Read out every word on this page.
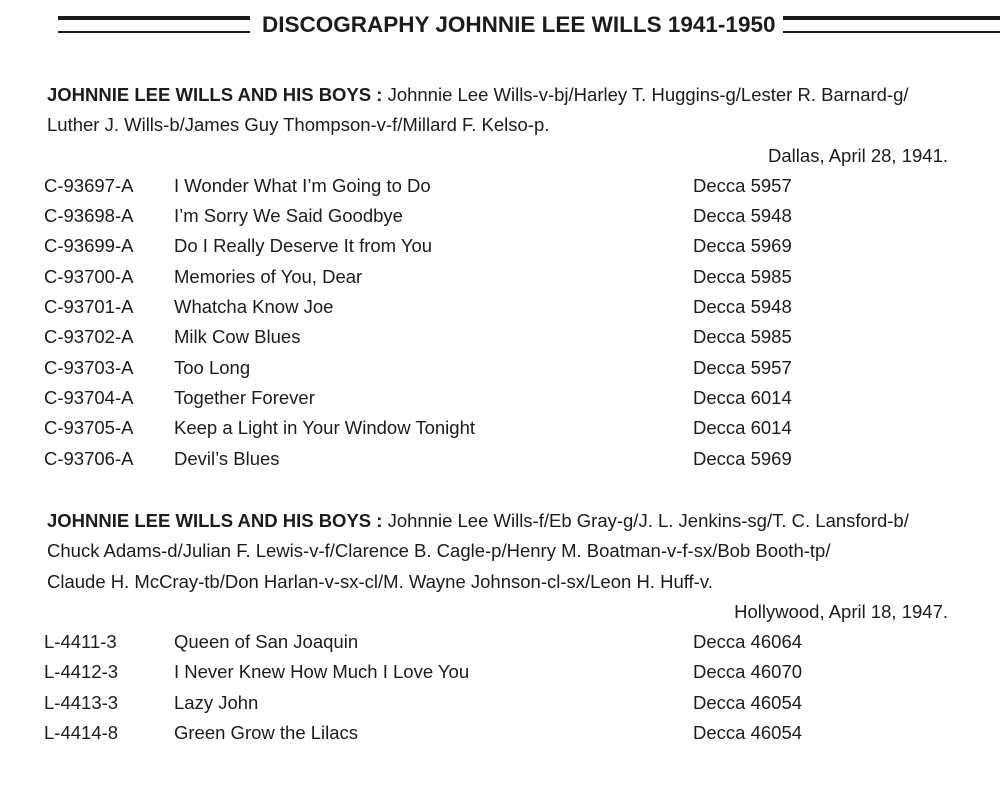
DISCOGRAPHY JOHNNIE LEE WILLS 1941-1950
JOHNNIE LEE WILLS AND HIS BOYS : Johnnie Lee Wills-v-bj/Harley T. Huggins-g/Lester R. Barnard-g/
Luther J. Wills-b/James Guy Thompson-v-f/Millard F. Kelso-p.
Dallas, April 28, 1941.
C-93697-A I Wonder What I’m Going to Do	Decca 5957
C-93698-A I’m Sorry We Said Goodbye	Decca 5948
C-93699-A Do I Really Deserve It from You	Decca 5969
C-93700-A Memories of You, Dear	Decca 5985
C-93701-A Whatcha Know Joe	Decca 5948
C-93702-A Milk Cow Blues	Decca 5985
C-93703-A Too Long	Decca 5957
C-93704-A Together Forever	Decca 6014
C-93705-A Keep a Light in Your Window Tonight	Decca 6014
C-93706-A Devil’s Blues	Decca 5969
JOHNNIE LEE WILLS AND HIS BOYS : Johnnie Lee Wills-f/Eb Gray-g/J. L. Jenkins-sg/T. C. Lansford-b/
Chuck Adams-d/Julian F. Lewis-v-f/Clarence B. Cagle-p/Henry M. Boatman-v-f-sx/Bob Booth-tp/
Claude H. McCray-tb/Don Harlan-v-sx-cl/M. Wayne Johnson-cl-sx/Leon H. Huff-v.
Hollywood, April 18, 1947.
L-4411-3	Queen of San Joaquin	Decca 46064
L-4412-3	I Never Knew How Much I Love You	Decca 46070
L-4413-3	Lazy John	Decca 46054
L-4414-8	Green Grow the Lilacs	Decca 46054
